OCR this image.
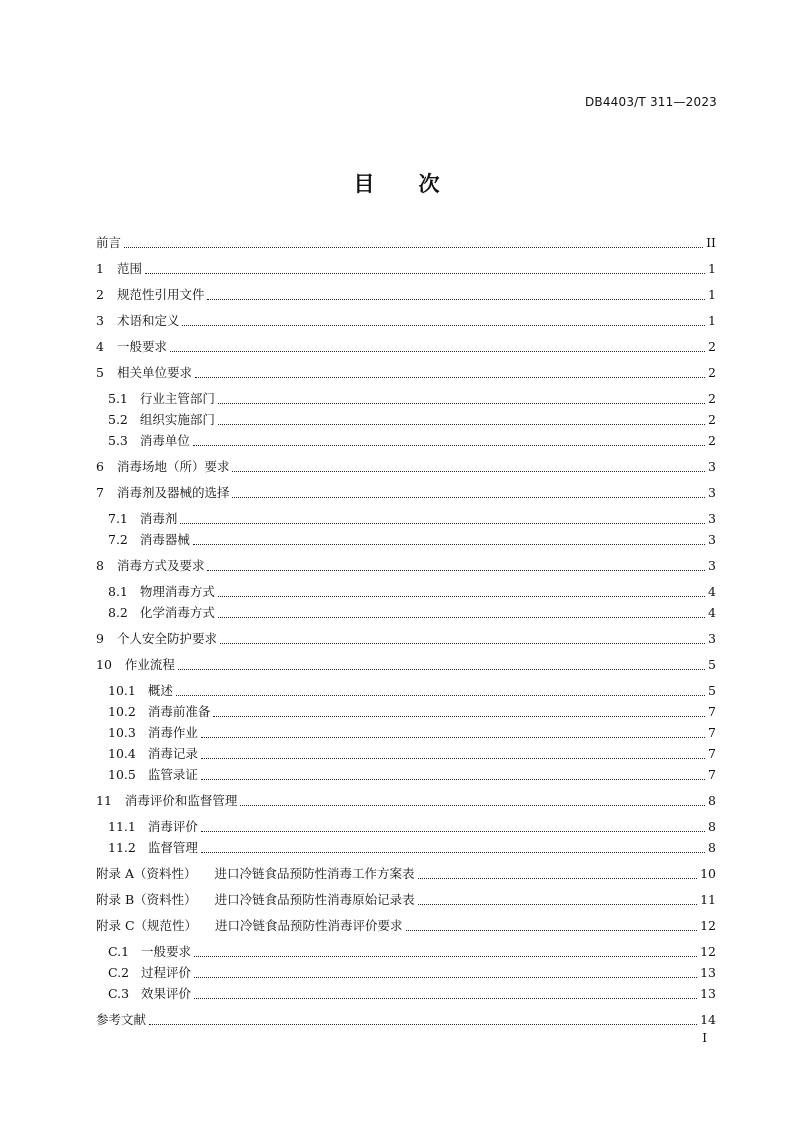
DB4403/T 311—2023
目 次
前言	II
1 范围	1
2 规范性引用文件	1
3 术语和定义	1
4 一般要求	2
5 相关单位要求	2
5.1 行业主管部门	2
5.2 组织实施部门	2
5.3 消毒单位	2
6 消毒场地（所）要求	3
7 消毒剂及器械的选择	3
7.1 消毒剂	3
7.2 消毒器械	3
8 消毒方式及要求	3
8.1 物理消毒方式	4
8.2 化学消毒方式	4
9 个人安全防护要求	3
10 作业流程	5
10.1 概述	5
10.2 消毒前准备	7
10.3 消毒作业	7
10.4 消毒记录	7
10.5 监管录证	7
11 消毒评价和监督管理	8
11.1 消毒评价	8
11.2 监督管理	8
附录 A（资料性） 进口冷链食品预防性消毒工作方案表	10
附录 B（资料性） 进口冷链食品预防性消毒原始记录表	11
附录 C（规范性） 进口冷链食品预防性消毒评价要求	12
C.1 一般要求	12
C.2 过程评价	13
C.3 效果评价	13
参考文献	14
I
